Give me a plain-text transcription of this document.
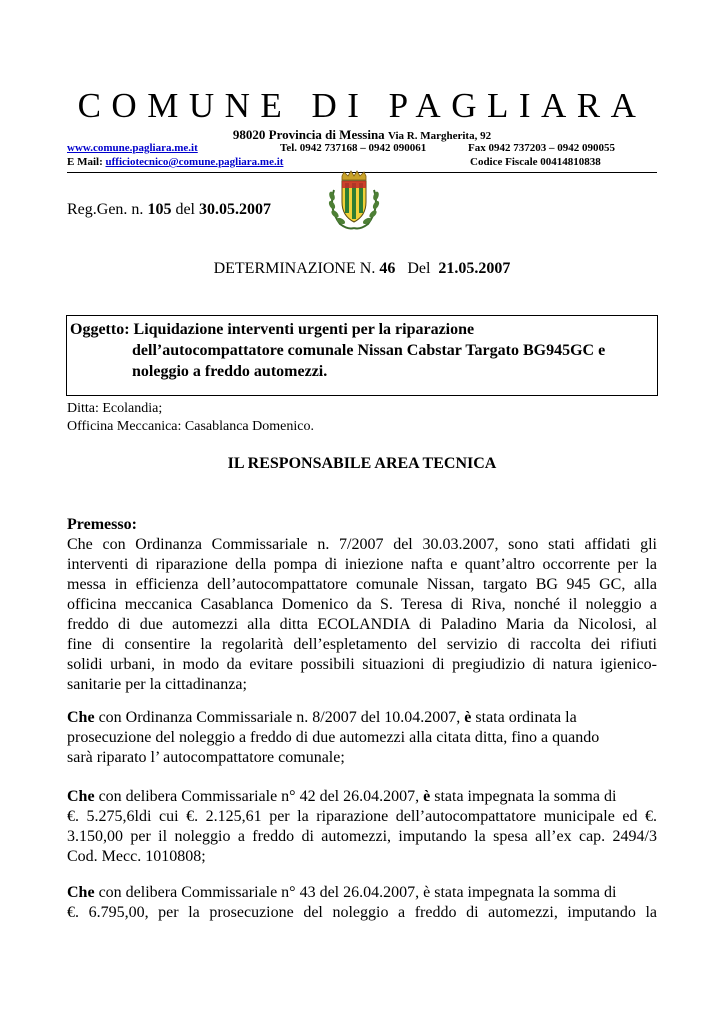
COMUNE DI PAGLIARA
98020 Provincia di Messina Via R. Margherita, 92
www.comune.pagliara.me.it	Tel. 0942 737168 – 0942 090061	Fax 0942 737203 – 0942 090055
E Mail: ufficiotecnico@comune.pagliara.me.it	Codice Fiscale 00414810838
Reg.Gen. n. 105 del 30.05.2007
DETERMINAZIONE N. 46 Del 21.05.2007
Oggetto: Liquidazione interventi urgenti per la riparazione
dell’autocompattatore comunale Nissan Cabstar Targato BG945GC e
noleggio a freddo automezzi.
Ditta: Ecolandia;
Officina Meccanica: Casablanca Domenico.
IL RESPONSABILE AREA TECNICA
Premesso:
Che con Ordinanza Commissariale n. 7/2007 del 30.03.2007, sono stati affidati gli
interventi di riparazione della pompa di iniezione nafta e quant’altro occorrente per la
messa in efficienza dell’autocompattatore comunale Nissan, targato BG 945 GC, alla
officina meccanica Casablanca Domenico da S. Teresa di Riva, nonché il noleggio a
freddo di due automezzi alla ditta ECOLANDIA di Paladino Maria da Nicolosi, al
fine di consentire la regolarità dell’espletamento del servizio di raccolta dei rifiuti
solidi urbani, in modo da evitare possibili situazioni di pregiudizio di natura igienico-
sanitarie per la cittadinanza;
Che con Ordinanza Commissariale n. 8/2007 del 10.04.2007, è stata ordinata la
prosecuzione del noleggio a freddo di due automezzi alla citata ditta, fino a quando
sarà riparato l’ autocompattatore comunale;
Che con delibera Commissariale n° 42 del 26.04.2007, è stata impegnata la somma di
€. 5.275,6ldi cui €. 2.125,61 per la riparazione dell’autocompattatore municipale ed €.
3.150,00 per il noleggio a freddo di automezzi, imputando la spesa all’ex cap. 2494/3
Cod. Mecc. 1010808;
Che con delibera Commissariale n° 43 del 26.04.2007, è stata impegnata la somma di
€. 6.795,00, per la prosecuzione del noleggio a freddo di automezzi, imputando la
